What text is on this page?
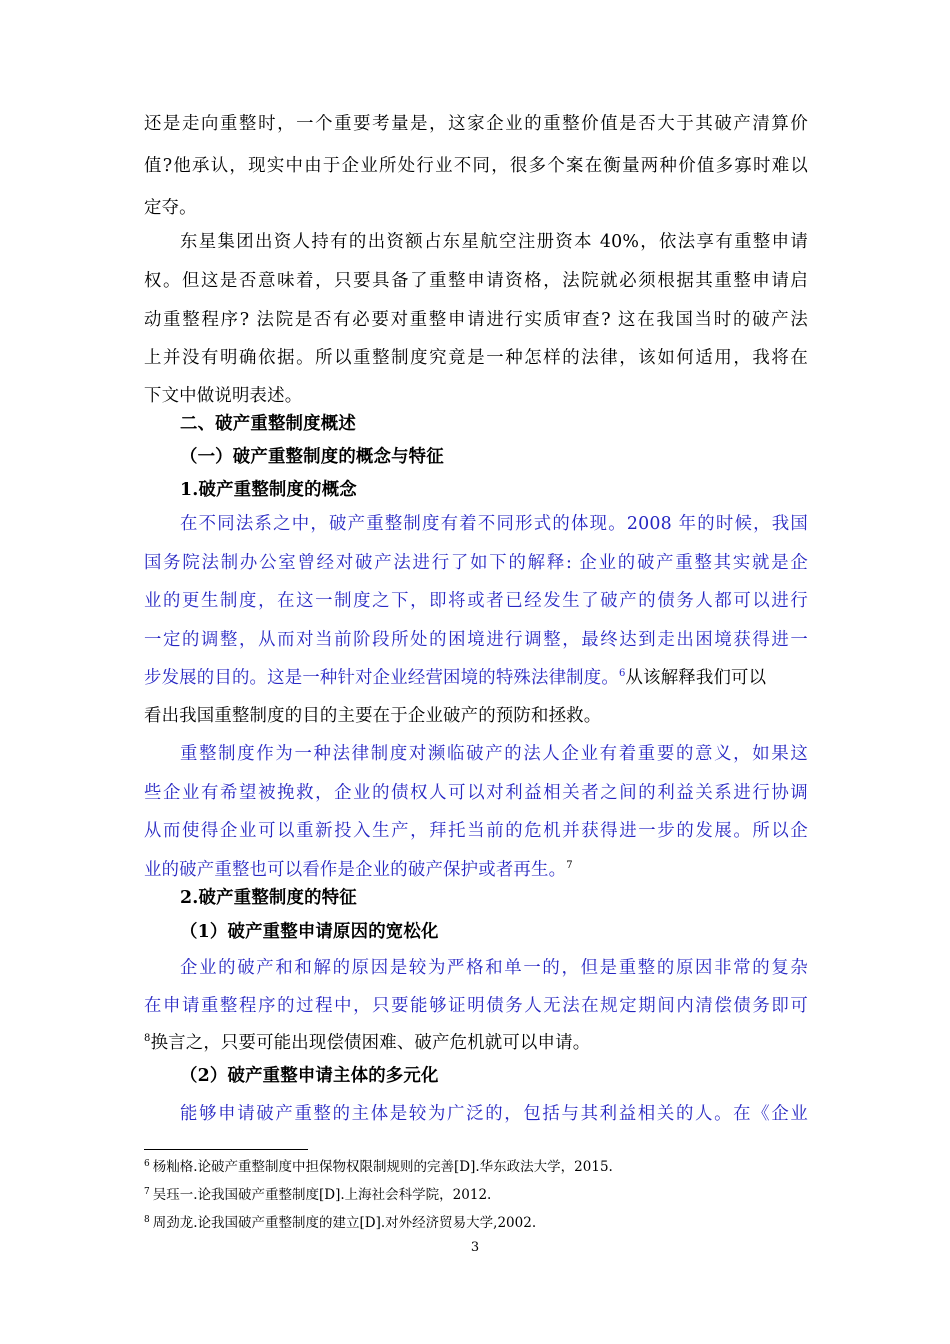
还是走向重整时，一个重要考量是，这家企业的重整价值是否大于其破产清算价
值?他承认，现实中由于企业所处行业不同，很多个案在衡量两种价值多寡时难以
定夺。
东星集团出资人持有的出资额占东星航空注册资本 40%，依法享有重整申请
权。但这是否意味着，只要具备了重整申请资格，法院就必须根据其重整申请启
动重整程序? 法院是否有必要对重整申请进行实质审查? 这在我国当时的破产法
上并没有明确依据。所以重整制度究竟是一种怎样的法律，该如何适用，我将在
下文中做说明表述。
二、破产重整制度概述
（一）破产重整制度的概念与特征
1.破产重整制度的概念
在不同法系之中，破产重整制度有着不同形式的体现。2008 年的时候，我国
国务院法制办公室曾经对破产法进行了如下的解释: 企业的破产重整其实就是企
业的更生制度，在这一制度之下，即将或者已经发生了破产的债务人都可以进行
一定的调整，从而对当前阶段所处的困境进行调整，最终达到走出困境获得进一
步发展的目的。这是一种针对企业经营困境的特殊法律制度。$^6$从该解释我们可以
看出我国重整制度的目的主要在于企业破产的预防和拯救。
重整制度作为一种法律制度对濒临破产的法人企业有着重要的意义，如果这
些企业有希望被挽救，企业的债权人可以对利益相关者之间的利益关系进行协调
从而使得企业可以重新投入生产，拜托当前的危机并获得进一步的发展。所以企
业的破产重整也可以看作是企业的破产保护或者再生。$^7$
2.破产重整制度的特征
（1）破产重整申请原因的宽松化
企业的破产和和解的原因是较为严格和单一的，但是重整的原因非常的复杂
在申请重整程序的过程中，只要能够证明债务人无法在规定期间内清偿债务即可
$^8$换言之，只要可能出现偿债困难、破产危机就可以申请。
（2）破产重整申请主体的多元化
能够申请破产重整的主体是较为广泛的，包括与其利益相关的人。在《企业
$^6$ 杨籼格.论破产重整制度中担保物权限制规则的完善[D].华东政法大学，2015.
$^7$ 吴珏一.论我国破产重整制度[D].上海社会科学院，2012.
$^8$ 周劲龙.论我国破产重整制度的建立[D].对外经济贸易大学,2002.
3
